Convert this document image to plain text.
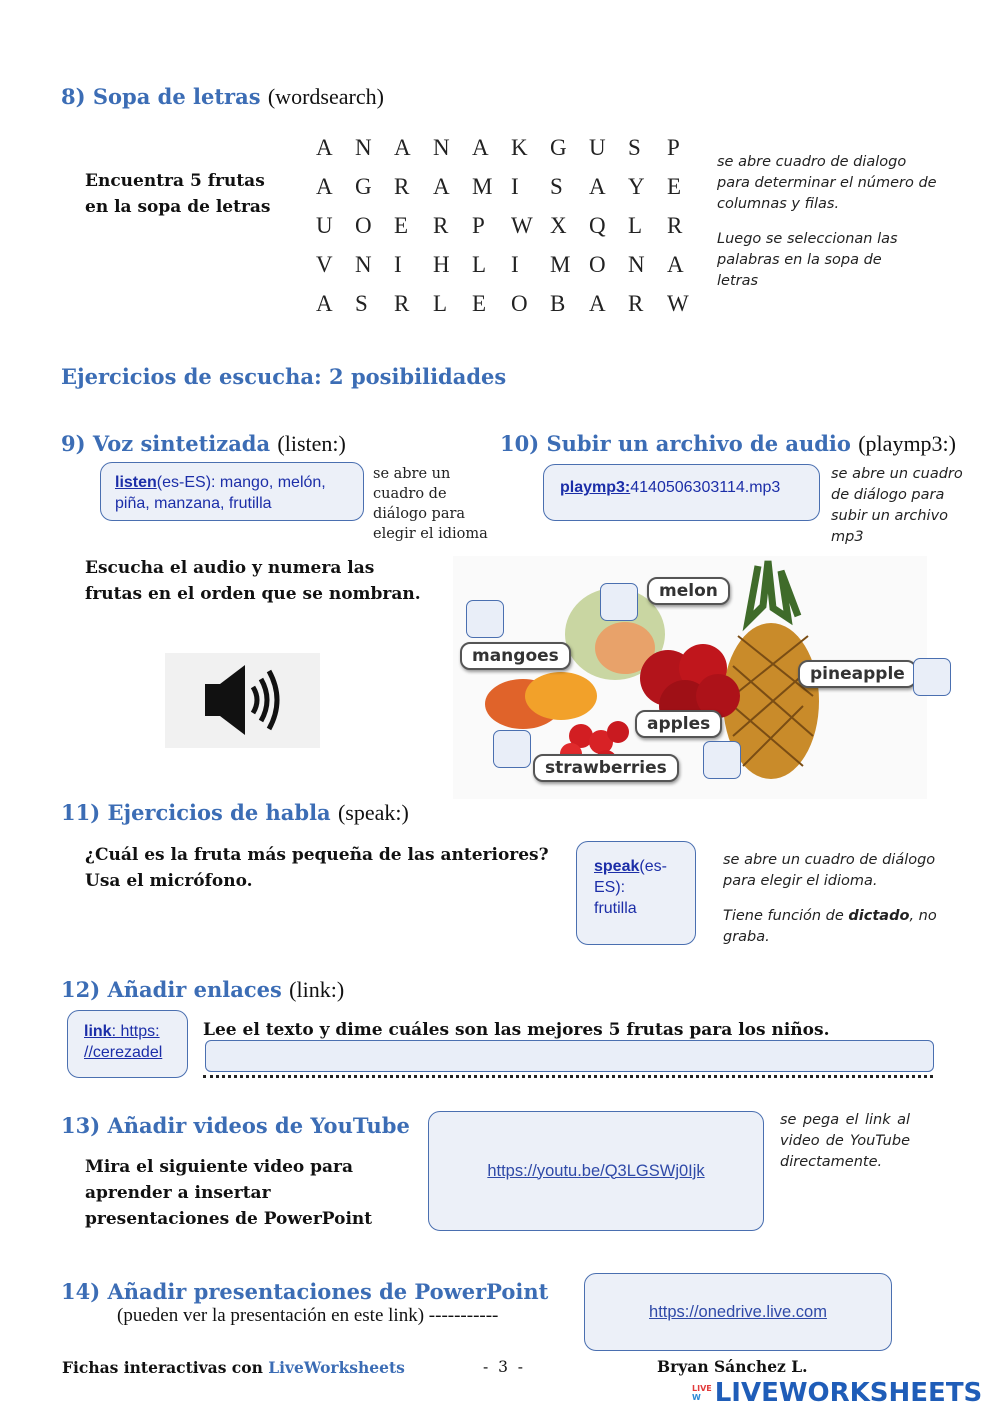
8) Sopa de letras (wordsearch)
Encuentra 5 frutas
en la sopa de letras
A N A N A K G U S	P
A G R	A M I	S	A Y E
U O E	R	P	W X Q L	R
V N I	H L	I	M O N A
A S	R	L	E	O B	A R	W
se abre cuadro de dialogo para determinar el número de columnas y filas.
Luego se seleccionan las palabras en la sopa de letras
Ejercicios de escucha: 2 posibilidades
9) Voz sintetizada (listen:)
listen(es-ES): mango, melón, piña, manzana, frutilla
se abre un cuadro de diálogo para elegir el idioma
Escucha el audio y numera las
frutas en el orden que se nombran.
10) Subir un archivo de audio (playmp3:)
playmp3:4140506303114.mp3
se abre un cuadro de diálogo para subir un archivo mp3
melon
mangoes
pineapple
apples
strawberries
11) Ejercicios de habla (speak:)
¿Cuál es la fruta más pequeña de las anteriores?
Usa el micrófono.
speak(es-
ES):
frutilla
se abre un cuadro de diálogo para elegir el idioma.
Tiene función de dictado, no graba.
12) Añadir enlaces (link:)
link: https:
//cerezadel
Lee el texto y dime cuáles son las mejores 5 frutas para los niños.
13) Añadir videos de YouTube
Mira el siguiente video para
aprender a insertar
presentaciones de PowerPoint
https://youtu.be/Q3LGSWj0Ijk
se pega el link al video de YouTube directamente.
14) Añadir presentaciones de PowerPoint
(pueden ver la presentación en este link) -----------	https://onedrive.live.com
Fichas interactivas con LiveWorksheets	-  3  -	Bryan Sánchez L.
LIVE
W LIVEWORKSHEETS
